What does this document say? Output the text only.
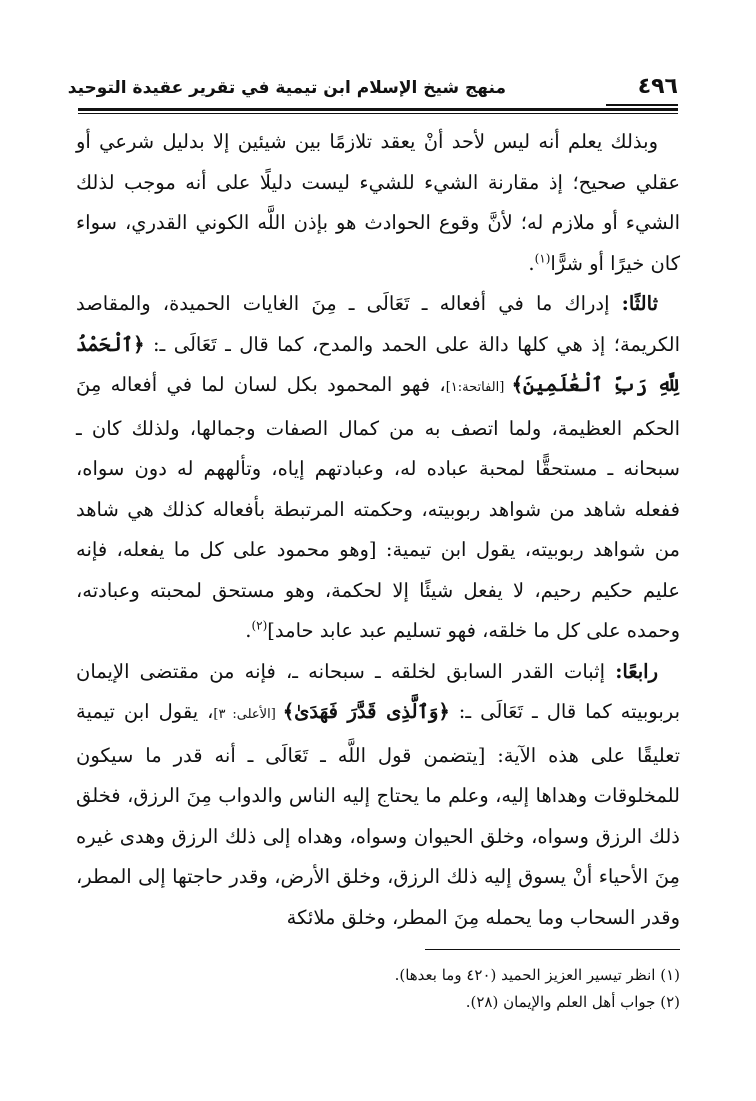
منهج شيخ الإسلام ابن تيمية في تقرير عقيدة التوحيد	٤٩٦

وبذلك يعلم أنه ليس لأحد أنْ يعقد تلازمًا بين شيئين إلا بدليل شرعي أو عقلي صحيح؛ إذ مقارنة الشيء للشيء ليست دليلًا على أنه موجب لذلك الشيء أو ملازم له؛ لأنَّ وقوع الحوادث هو بإذن اللَّه الكوني القدري، سواء كان خيرًا أو شرًّا$^{(١)}$.

ثالثًا: إدراك ما في أفعاله ـ تَعَالَى ـ مِنَ الغايات الحميدة، والمقاصد الكريمة؛ إذ هي كلها دالة على الحمد والمدح، كما قال ـ تَعَالَى ـ: ﴿ٱلْحَمْدُ لِلَّهِ رَبِّ ٱلْعَٰلَمِينَ﴾ [الفاتحة:١]، فهو المحمود بكل لسان لما في أفعاله مِنَ الحكم العظيمة، ولما اتصف به من كمال الصفات وجمالها، ولذلك كان ـ سبحانه ـ مستحقًّا لمحبة عباده له، وعبادتهم إياه، وتألههم له دون سواه، ففعله شاهد من شواهد ربوبيته، وحكمته المرتبطة بأفعاله كذلك هي شاهد من شواهد ربوبيته، يقول ابن تيمية: [وهو محمود على كل ما يفعله، فإنه عليم حكيم رحيم، لا يفعل شيئًا إلا لحكمة، وهو مستحق لمحبته وعبادته، وحمده على كل ما خلقه، فهو تسليم عبد عابد حامد]$^{(٢)}$.

رابعًا: إثبات القدر السابق لخلقه ـ سبحانه ـ، فإنه من مقتضى الإيمان بربوبيته كما قال ـ تَعَالَى ـ: ﴿وَٱلَّذِى قَدَّرَ فَهَدَىٰ﴾ [الأعلى: ٣]، يقول ابن تيمية تعليقًا على هذه الآية: [يتضمن قول اللَّه ـ تَعَالَى ـ أنه قدر ما سيكون للمخلوقات وهداها إليه، وعلم ما يحتاج إليه الناس والدواب مِنَ الرزق، فخلق ذلك الرزق وسواه، وخلق الحيوان وسواه، وهداه إلى ذلك الرزق وهدى غيره مِنَ الأحياء أنْ يسوق إليه ذلك الرزق، وخلق الأرض، وقدر حاجتها إلى المطر، وقدر السحاب وما يحمله مِنَ المطر، وخلق ملائكة

(١) انظر تيسير العزيز الحميد (٤٢٠ وما بعدها).
(٢) جواب أهل العلم والإيمان (٢٨).
